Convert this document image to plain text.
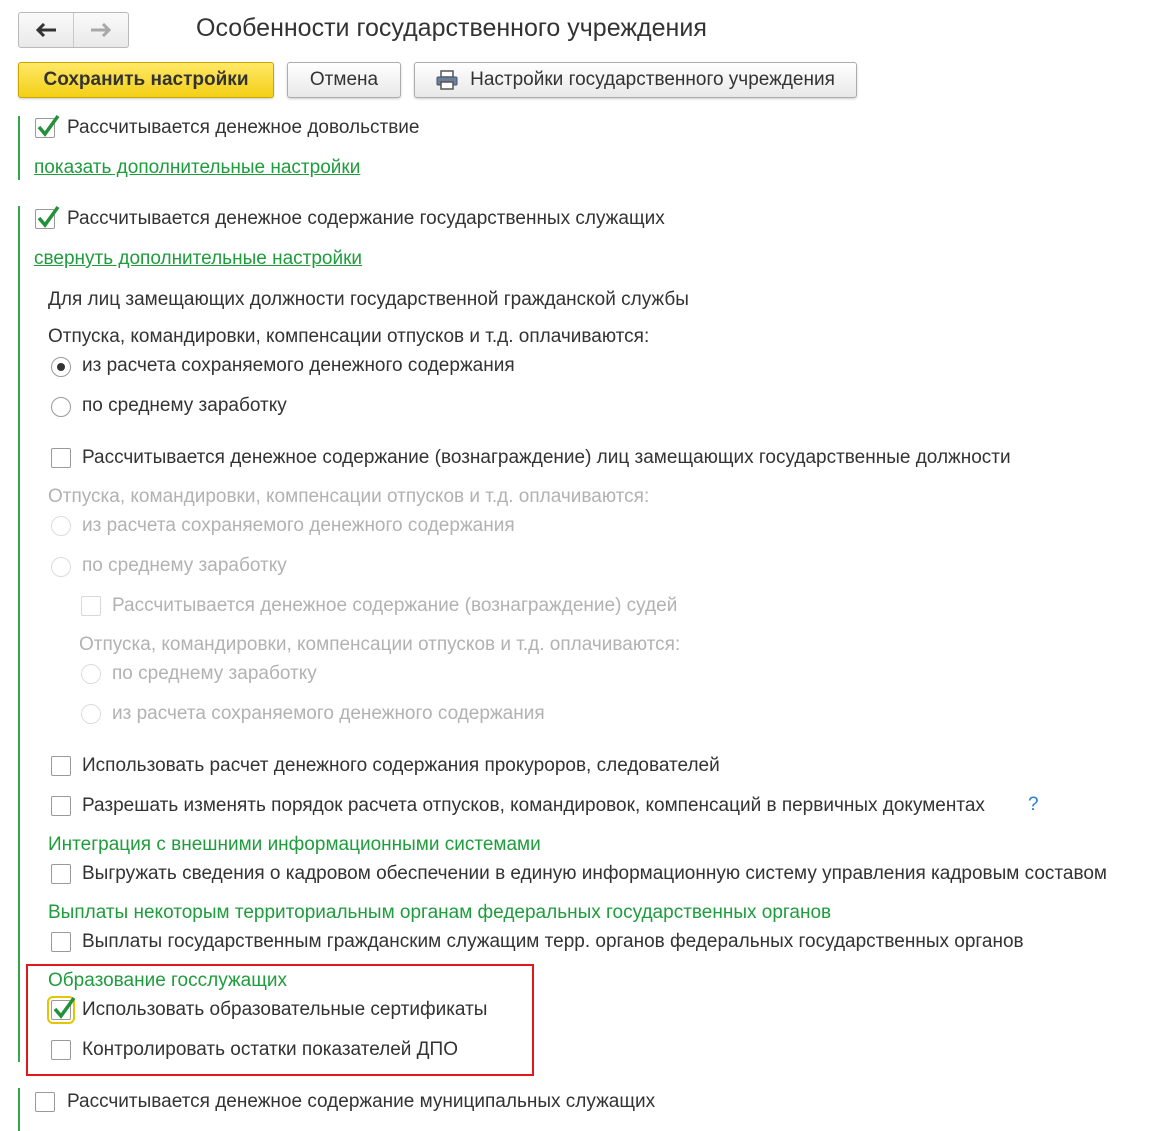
Особенности государственного учреждения
Сохранить настройки	Отмена	Настройки государственного учреждения
Рассчитывается денежное довольствие
показать дополнительные настройки
Рассчитывается денежное содержание государственных служащих
свернуть дополнительные настройки
Для лиц замещающих должности государственной гражданской службы
Отпуска, командировки, компенсации отпусков и т.д. оплачиваются:
из расчета сохраняемого денежного содержания
по среднему заработку
Рассчитывается денежное содержание (вознаграждение) лиц замещающих государственные должности
Отпуска, командировки, компенсации отпусков и т.д. оплачиваются:
из расчета сохраняемого денежного содержания
по среднему заработку
Рассчитывается денежное содержание (вознаграждение) судей
Отпуска, командировки, компенсации отпусков и т.д. оплачиваются:
по среднему заработку
из расчета сохраняемого денежного содержания
Использовать расчет денежного содержания прокуроров, следователей
Разрешать изменять порядок расчета отпусков, командировок, компенсаций в первичных документах ?
Интеграция с внешними информационными системами
Выгружать сведения о кадровом обеспечении в единую информационную систему управления кадровым составом
Выплаты некоторым территориальным органам федеральных государственных органов
Выплаты государственным гражданским служащим терр. органов федеральных государственных органов
Образование госслужащих
Использовать образовательные сертификаты
Контролировать остатки показателей ДПО
Рассчитывается денежное содержание муниципальных служащих
